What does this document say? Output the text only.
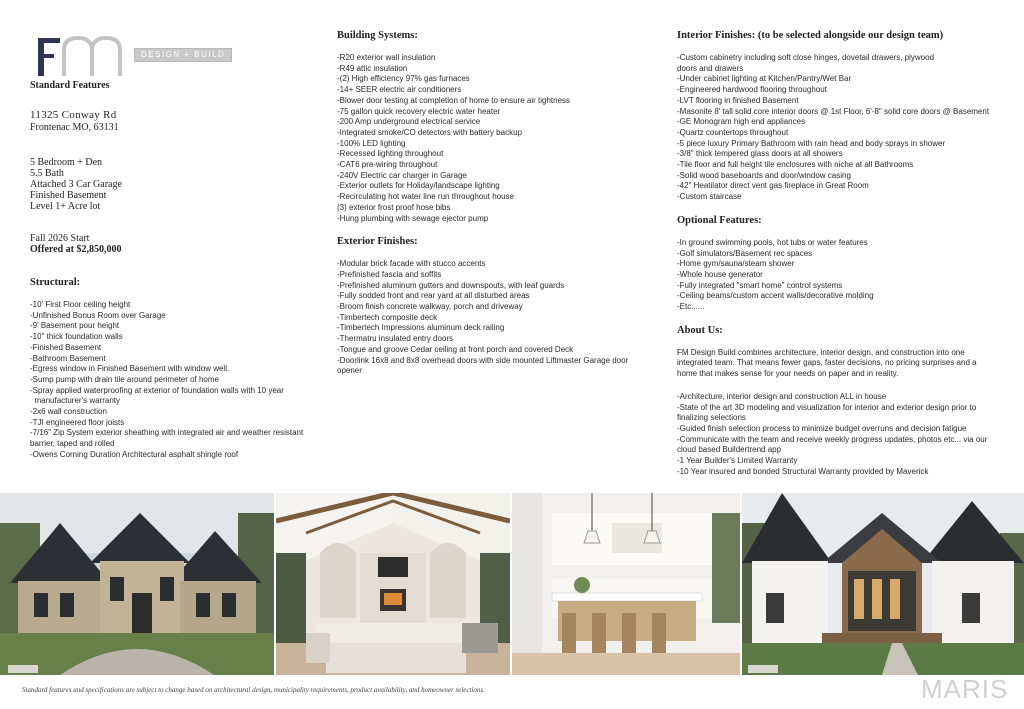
DESIGN + BUILD
Standard Features
11325 Conway Rd
Frontenac MO, 63131
5 Bedroom + Den
5.5 Bath
Attached 3 Car Garage
Finished Basement
Level 1+ Acre lot
Fall 2026 Start
Offered at $2,850,000
Structural:
-10' First Floor ceiling height
-Unfinished Bonus Room over Garage
-9' Basement pour height
-10" thick foundation walls
-Finished Basement
-Bathroom Basement
-Egress window in Finished Basement with window well.
-Sump pump with drain tile around perimeter of home
-Spray applied waterproofing at exterior of foundation walls with 10 year
manufacturer's warranty
-2x6 wall construction
-TJI engineered floor joists
-7/16" Zip System exterior sheathing with integrated air and weather resistant
barrier, taped and rolled
-Owens Corning Duration Architectural asphalt shingle roof
Building Systems:
-R20 exterior wall insulation
-R49 attic insulation
-(2) High efficiency 97% gas furnaces
-14+ SEER electric air conditioners
-Blower door testing at completion of home to ensure air tightness
-75 gallon quick recovery electric water heater
-200 Amp underground electrical service
-Integrated smoke/CO detectors with battery backup
-100% LED lighting
-Recessed lighting throughout
-CAT6 pre-wiring throughout
-240V Electric car charger in Garage
-Exterior outlets for Holiday/landscape lighting
-Recirculating hot water line run throughout house
(3) exterior frost proof hose bibs
-Hung plumbing with sewage ejector pump
Exterior Finishes:
-Modular brick facade with stucco accents
-Prefinished fascia and soffits
-Prefinished aluminum gutters and downspouts, with leaf guards
-Fully sodded front and rear yard at all disturbed areas
-Broom finish concrete walkway, porch and driveway
-Timbertech composite deck
-Timbertech Impressions aluminum deck railing
-Thermatru insulated entry doors
-Tongue and groove Cedar ceiling at front porch and covered Deck
-Doorlink 16x8 and 8x8 overhead doors with side mounted Liftmaster Garage door
opener
Interior Finishes: (to be selected alongside our design team)
-Custom cabinetry including soft close hinges, dovetail drawers, plywood
doors and drawers
-Under cabinet lighting at Kitchen/Pantry/Wet Bar
-Engineered hardwood flooring throughout
-LVT flooring in finished Basement
-Masonite 8' tall solid core interior doors @ 1st Floor, 6'-8" solid core doors @ Basement
-GE Monogram high end appliances
-Quartz countertops throughout
-5 piece luxury Primary Bathroom with rain head and body sprays in shower
-3/8" thick tempered glass doors at all showers
-Tile floor and full height tile enclosures with niche at all Bathrooms
-Solid wood baseboards and door/window casing
-42" Heatilator direct vent gas fireplace in Great Room
-Custom staircase
Optional Features:
-In ground swimming pools, hot tubs or water features
-Golf simulators/Basement rec spaces
-Home gym/sauna/steam shower
-Whole house generator
-Fully integrated "smart home" control systems
-Ceiling beams/custom accent walls/decorative molding
-Etc......
About Us:
FM Design Build combines architecture, interior design, and construction into one integrated team. That means fewer gaps, faster decisions, no pricing surprises and a home that makes sense for your needs on paper and in reality.
-Architecture, interior design and construction ALL in house
-State of the art 3D modeling and visualization for interior and exterior design prior to
finalizing selections
-Guided finish selection process to minimize budget overruns and decision fatigue
-Communicate with the team and receive weekly progress updates, photos etc... via our
cloud based Buildertrend app
-1 Year Builder's Limited Warranty
-10 Year insured and bonded Structural Warranty provided by Maverick
Standard features and specifications are subject to change based on architectural design, municipality requirements, product availability, and homeowner selections.	MARIS
